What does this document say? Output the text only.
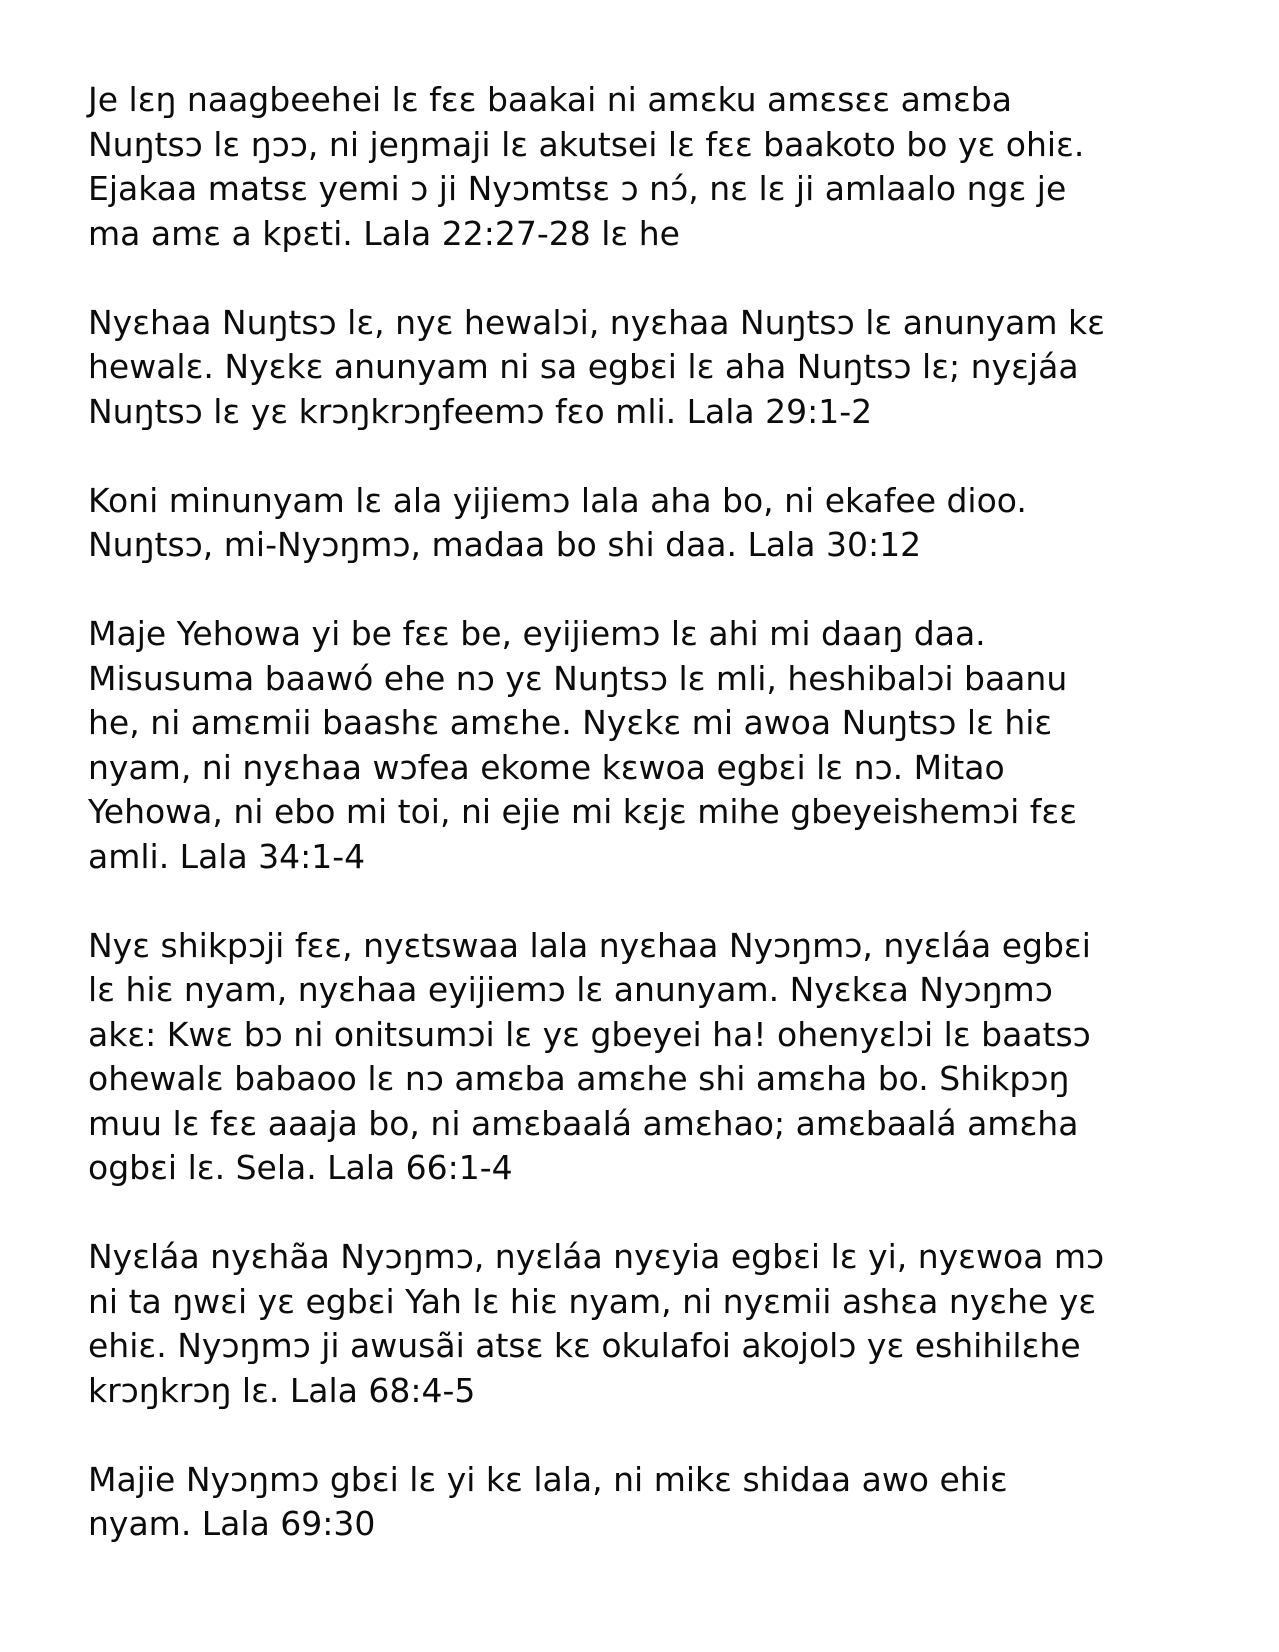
Je lɛŋ naagbeehei lɛ fɛɛ baakai ni amɛku amɛsɛɛ amɛba
Nuŋtsɔ lɛ ŋɔɔ, ni jeŋmaji lɛ akutsei lɛ fɛɛ baakoto bo yɛ ohiɛ.
Ejakaa matsɛ yemi ɔ ji Nyɔmtsɛ ɔ nɔ́, nɛ lɛ ji amlaalo ngɛ je
ma amɛ a kpɛti. Lala 22:27-28 lɛ he
Nyɛhaa Nuŋtsɔ lɛ, nyɛ hewalɔi, nyɛhaa Nuŋtsɔ lɛ anunyam kɛ
hewalɛ. Nyɛkɛ anunyam ni sa egbɛi lɛ aha Nuŋtsɔ lɛ; nyɛjáa
Nuŋtsɔ lɛ yɛ krɔŋkrɔŋfeemɔ fɛo mli. Lala 29:1-2
Koni minunyam lɛ ala yijiemɔ lala aha bo, ni ekafee dioo.
Nuŋtsɔ, mi-Nyɔŋmɔ, madaa bo shi daa. Lala 30:12
Maje Yehowa yi be fɛɛ be, eyijiemɔ lɛ ahi mi daaŋ daa.
Misusuma baawó ehe nɔ yɛ Nuŋtsɔ lɛ mli, heshibalɔi baanu
he, ni amɛmii baashɛ amɛhe. Nyɛkɛ mi awoa Nuŋtsɔ lɛ hiɛ
nyam, ni nyɛhaa wɔfea ekome kɛwoa egbɛi lɛ nɔ. Mitao
Yehowa, ni ebo mi toi, ni ejie mi kɛjɛ mihe gbeyeishemɔi fɛɛ
amli. Lala 34:1-4
Nyɛ shikpɔji fɛɛ, nyɛtswaa lala nyɛhaa Nyɔŋmɔ, nyɛláa egbɛi
lɛ hiɛ nyam, nyɛhaa eyijiemɔ lɛ anunyam. Nyɛkɛa Nyɔŋmɔ
akɛ: Kwɛ bɔ ni onitsumɔi lɛ yɛ gbeyei ha! ohenyɛlɔi lɛ baatsɔ
ohewalɛ babaoo lɛ nɔ amɛba amɛhe shi amɛha bo. Shikpɔŋ
muu lɛ fɛɛ aaaja bo, ni amɛbaalá amɛhao; amɛbaalá amɛha
ogbɛi lɛ. Sela. Lala 66:1-4
Nyɛláa nyɛhãa Nyɔŋmɔ, nyɛláa nyɛyia egbɛi lɛ yi, nyɛwoa mɔ
ni ta ŋwɛi yɛ egbɛi Yah lɛ hiɛ nyam, ni nyɛmii ashɛa nyɛhe yɛ
ehiɛ. Nyɔŋmɔ ji awusãi atsɛ kɛ okulafoi akojolɔ yɛ eshihilɛhe
krɔŋkrɔŋ lɛ. Lala 68:4-5
Majie Nyɔŋmɔ gbɛi lɛ yi kɛ lala, ni mikɛ shidaa awo ehiɛ
nyam. Lala 69:30
